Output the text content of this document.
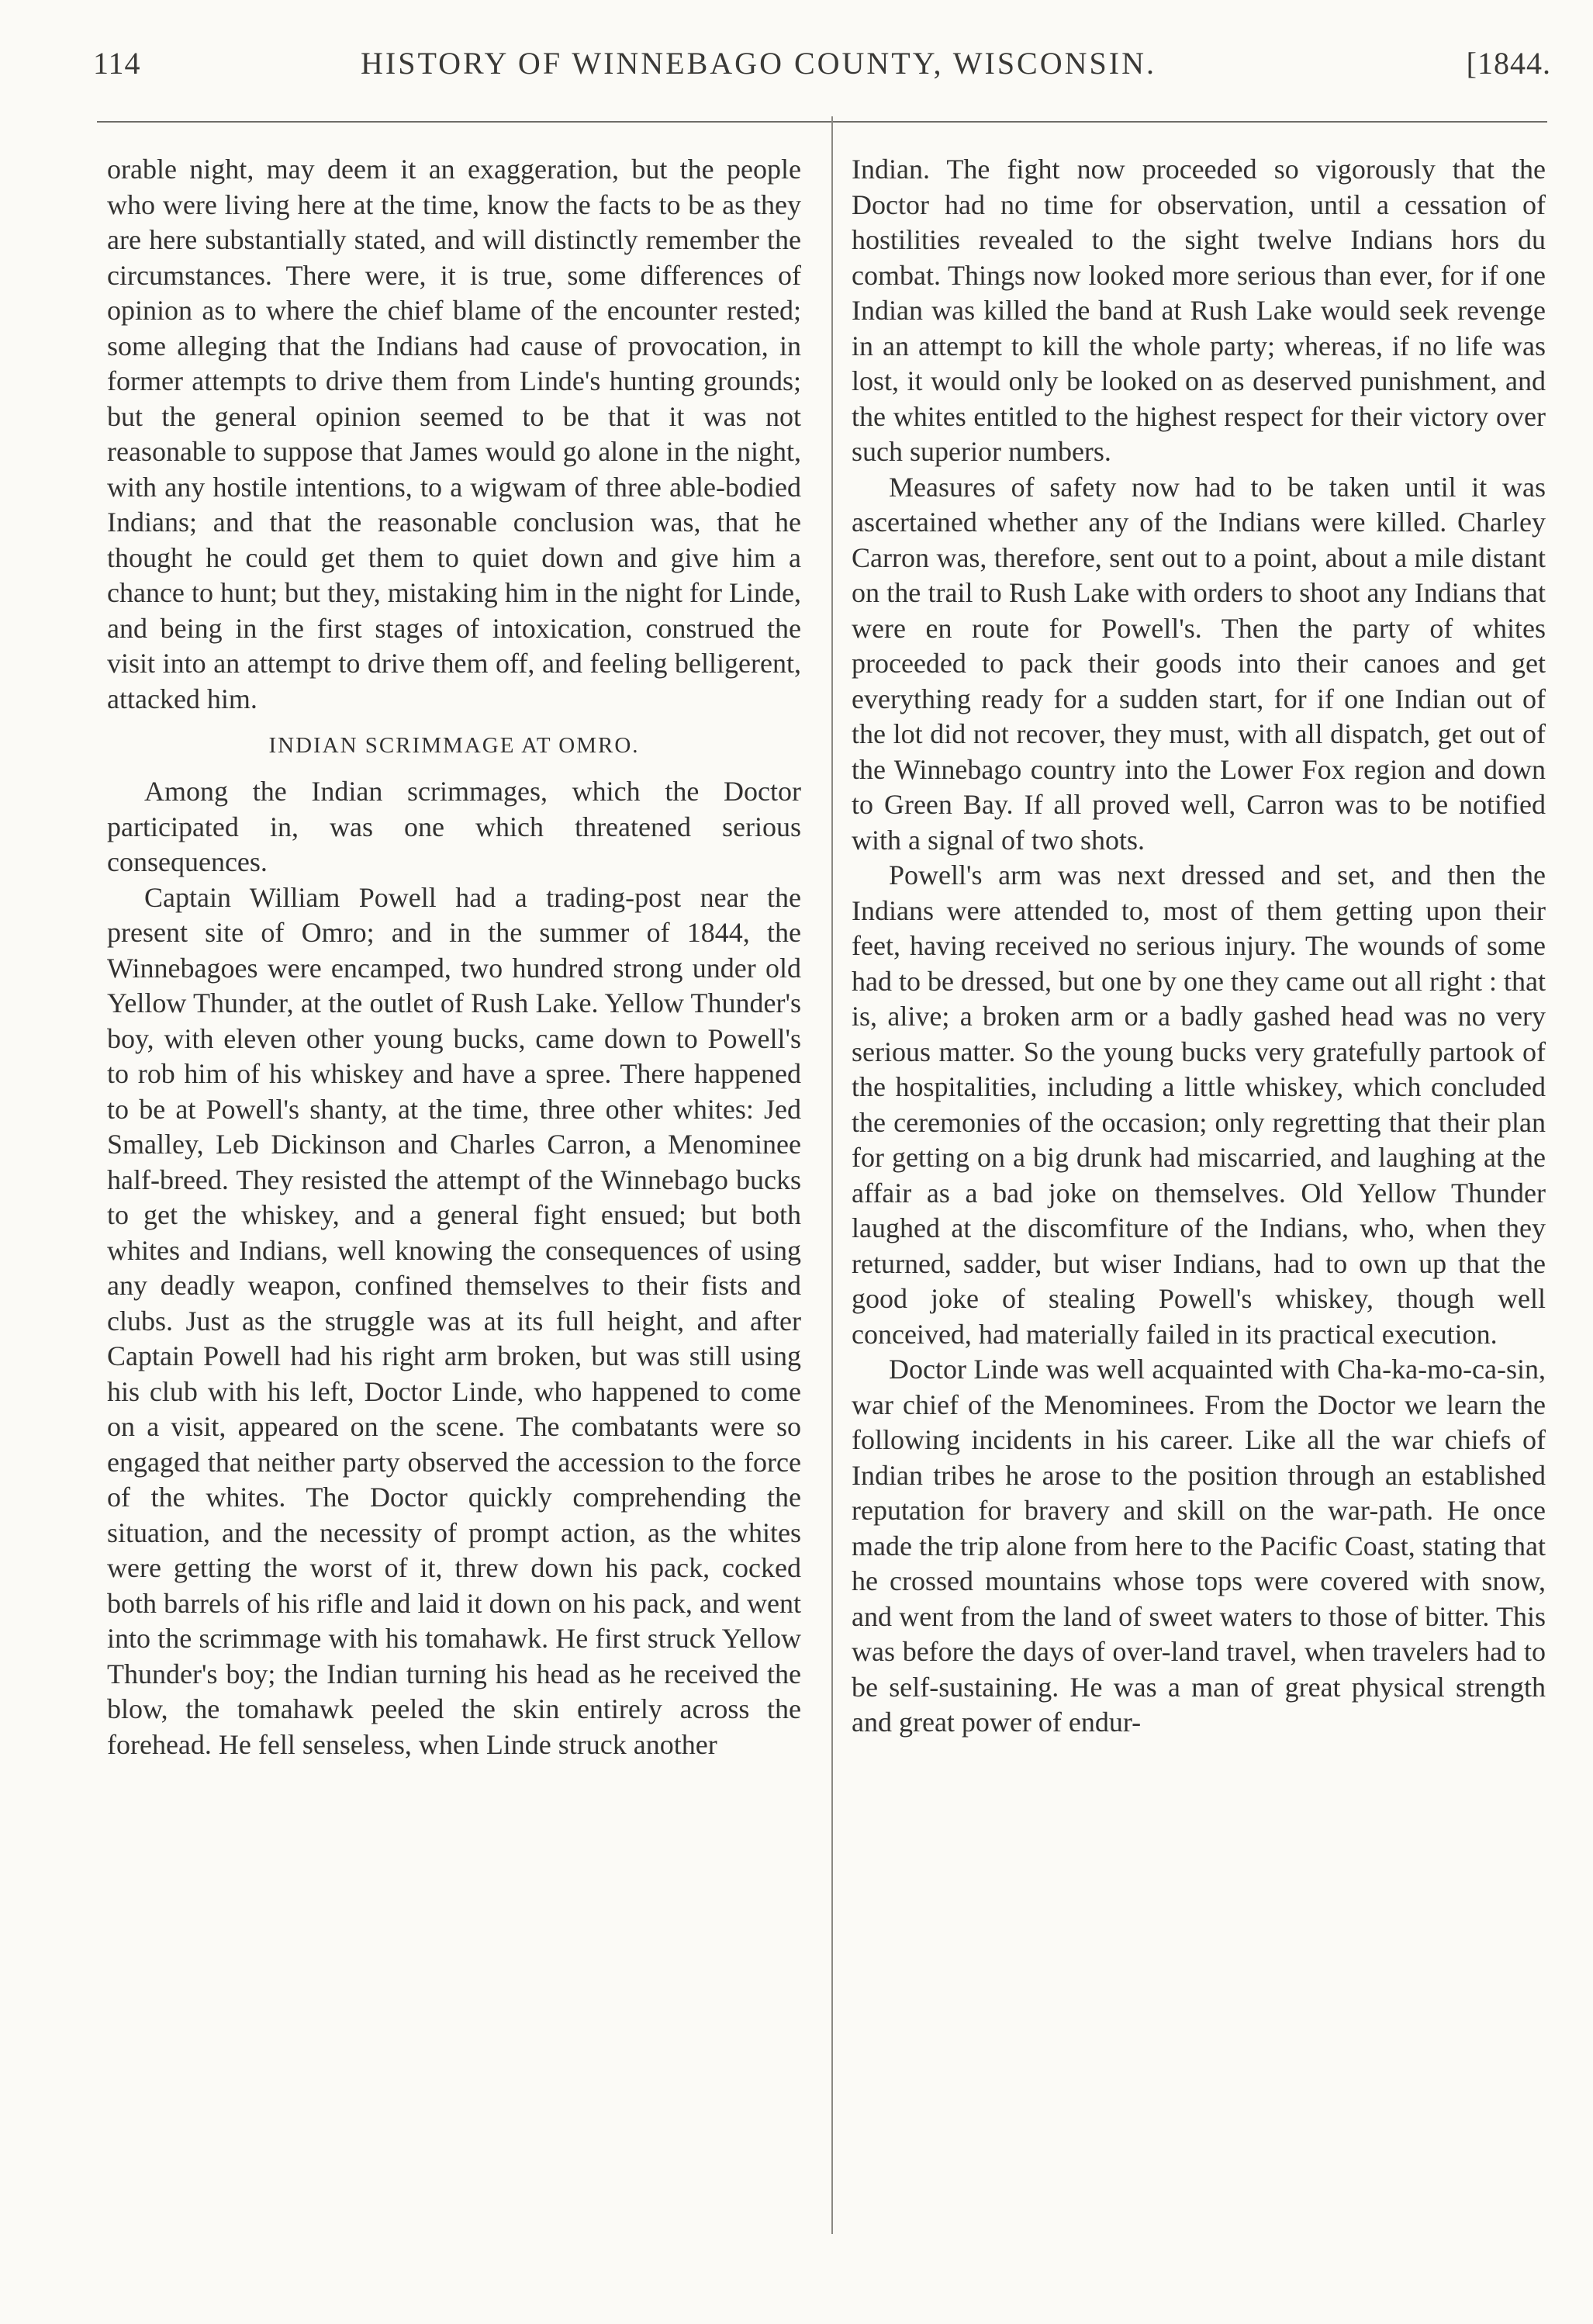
114	HISTORY OF WINNEBAGO COUNTY, WISCONSIN.	[1844.

orable night, may deem it an exaggeration, but the people who were living here at the time, know the facts to be as they are here substantially stated, and will distinctly remember the circumstances. There were, it is true, some differences of opinion as to where the chief blame of the encounter rested; some alleging that the Indians had cause of provocation, in former attempts to drive them from Linde's hunting grounds; but the general opinion seemed to be that it was not reasonable to suppose that James would go alone in the night, with any hostile intentions, to a wigwam of three able-bodied Indians; and that the reasonable conclusion was, that he thought he could get them to quiet down and give him a chance to hunt; but they, mistaking him in the night for Linde, and being in the first stages of intoxication, construed the visit into an attempt to drive them off, and feeling belligerent, attacked him.

INDIAN SCRIMMAGE AT OMRO.

Among the Indian scrimmages, which the Doctor participated in, was one which threatened serious consequences.

Captain William Powell had a trading-post near the present site of Omro; and in the summer of 1844, the Winnebagoes were encamped, two hundred strong under old Yellow Thunder, at the outlet of Rush Lake. Yellow Thunder's boy, with eleven other young bucks, came down to Powell's to rob him of his whiskey and have a spree. There happened to be at Powell's shanty, at the time, three other whites: Jed Smalley, Leb Dickinson and Charles Carron, a Menominee half-breed. They resisted the attempt of the Winnebago bucks to get the whiskey, and a general fight ensued; but both whites and Indians, well knowing the consequences of using any deadly weapon, confined themselves to their fists and clubs. Just as the struggle was at its full height, and after Captain Powell had his right arm broken, but was still using his club with his left, Doctor Linde, who happened to come on a visit, appeared on the scene. The combatants were so engaged that neither party observed the accession to the force of the whites. The Doctor quickly comprehending the situation, and the necessity of prompt action, as the whites were getting the worst of it, threw down his pack, cocked both barrels of his rifle and laid it down on his pack, and went into the scrimmage with his tomahawk. He first struck Yellow Thunder's boy; the Indian turning his head as he received the blow, the tomahawk peeled the skin entirely across the forehead. He fell senseless, when Linde struck another

Indian. The fight now proceeded so vigorously that the Doctor had no time for observation, until a cessation of hostilities revealed to the sight twelve Indians hors du combat. Things now looked more serious than ever, for if one Indian was killed the band at Rush Lake would seek revenge in an attempt to kill the whole party; whereas, if no life was lost, it would only be looked on as deserved punishment, and the whites entitled to the highest respect for their victory over such superior numbers.

Measures of safety now had to be taken until it was ascertained whether any of the Indians were killed. Charley Carron was, therefore, sent out to a point, about a mile distant on the trail to Rush Lake with orders to shoot any Indians that were en route for Powell's. Then the party of whites proceeded to pack their goods into their canoes and get everything ready for a sudden start, for if one Indian out of the lot did not recover, they must, with all dispatch, get out of the Winnebago country into the Lower Fox region and down to Green Bay. If all proved well, Carron was to be notified with a signal of two shots.

Powell's arm was next dressed and set, and then the Indians were attended to, most of them getting upon their feet, having received no serious injury. The wounds of some had to be dressed, but one by one they came out all right : that is, alive; a broken arm or a badly gashed head was no very serious matter. So the young bucks very gratefully partook of the hospitalities, including a little whiskey, which concluded the ceremonies of the occasion; only regretting that their plan for getting on a big drunk had miscarried, and laughing at the affair as a bad joke on themselves. Old Yellow Thunder laughed at the discomfiture of the Indians, who, when they returned, sadder, but wiser Indians, had to own up that the good joke of stealing Powell's whiskey, though well conceived, had materially failed in its practical execution.

Doctor Linde was well acquainted with Cha-ka-mo-ca-sin, war chief of the Menominees. From the Doctor we learn the following incidents in his career. Like all the war chiefs of Indian tribes he arose to the position through an established reputation for bravery and skill on the war-path. He once made the trip alone from here to the Pacific Coast, stating that he crossed mountains whose tops were covered with snow, and went from the land of sweet waters to those of bitter. This was before the days of over-land travel, when travelers had to be self-sustaining. He was a man of great physical strength and great power of endur-
